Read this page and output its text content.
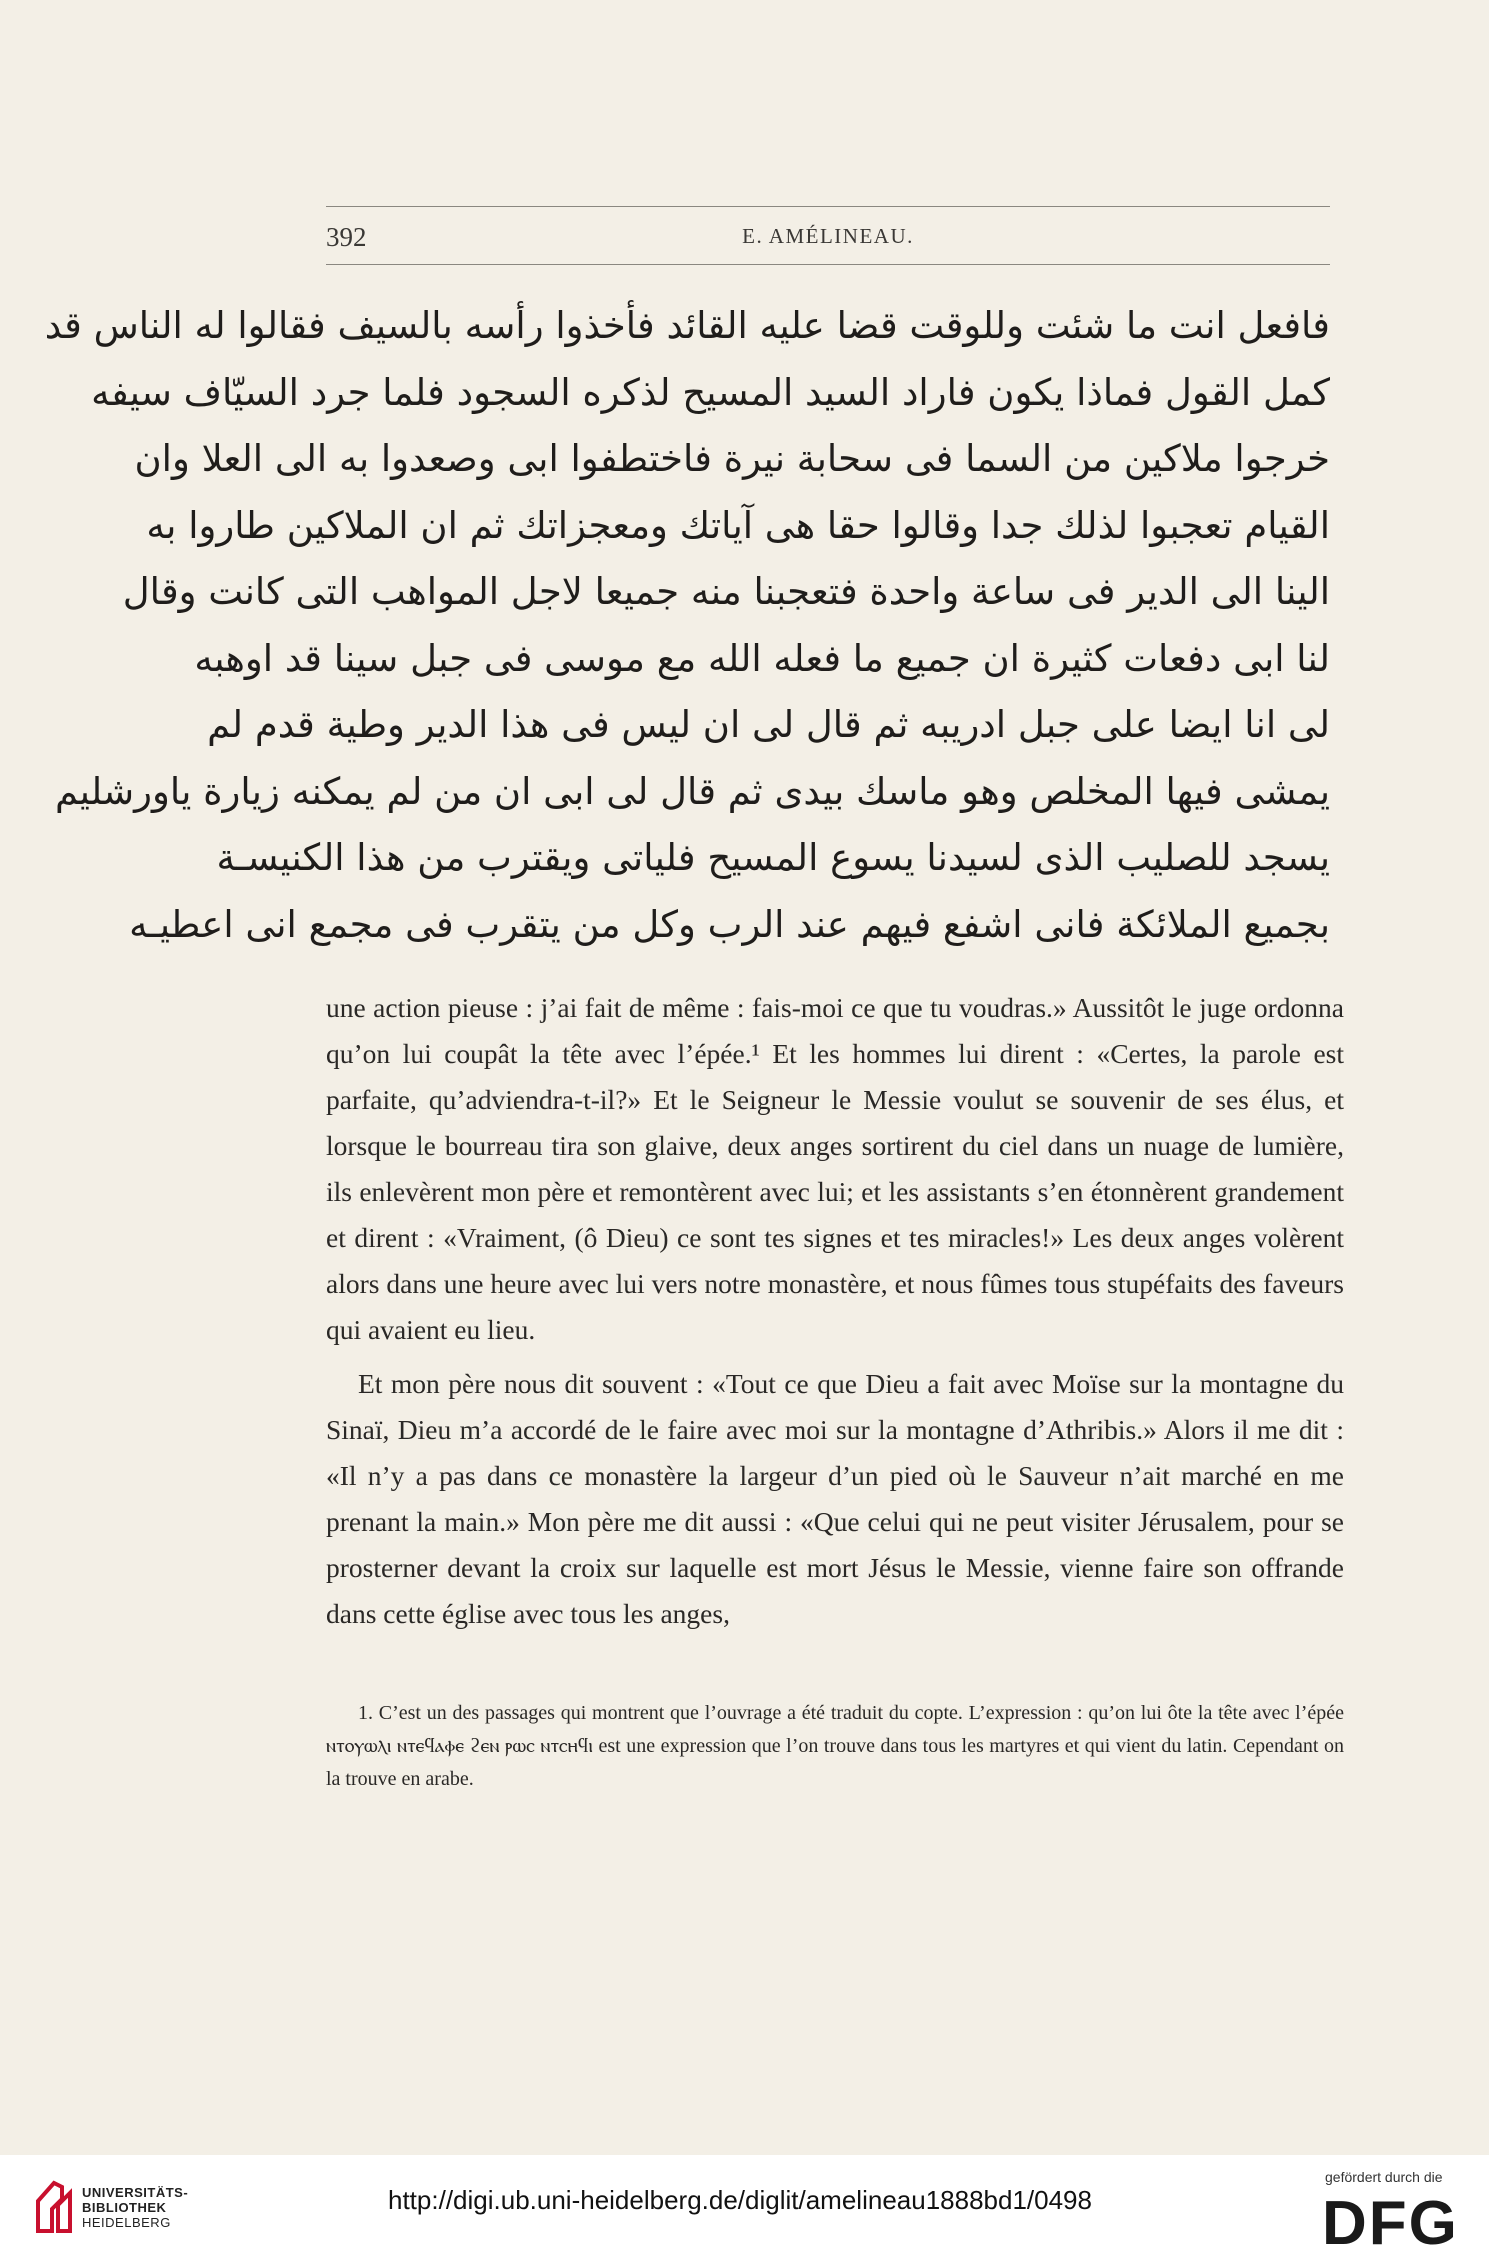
392	E. AMÉLINEAU.
فافعل انت ما شئت وللوقت قضا عليه القائد فأخذوا رأسه بالسيف فقالوا له الناس قد
كمل القول فماذا يكون فاراد السيد المسيح لذكره السجود فلما جرد السيّاف سيفه
خرجوا ملاكين من السما فى سحابة نيرة فاختطفوا ابى وصعدوا به الى العلا وان
القيام تعجبوا لذلك جدا وقالوا حقا هى آياتك ومعجزاتك ثم ان الملاكين طاروا به
الينا الى الدير فى ساعة واحدة فتعجبنا منه جميعا لاجل المواهب التى كانت وقال
لنا ابى دفعات كثيرة ان جميع ما فعله الله مع موسى فى جبل سينا قد اوهبه
لى انا ايضا على جبل ادريبه ثم قال لى ان ليس فى هذا الدير وطية قدم لم
يمشى فيها المخلص وهو ماسك بيدى ثم قال لى ابى ان من لم يمكنه زيارة ياورشليم
يسجد للصليب الذى لسيدنا يسوع المسيح فلياتى ويقترب من هذا الكنيسـة
بجميع الملائكة فانى اشفع فيهم عند الرب وكل من يتقرب فى مجمع انى اعطيـه

une action pieuse : j’ai fait de même : fais-moi ce que tu voudras.» Aussitôt le juge ordonna qu’on lui coupât la tête avec l’épée.¹ Et les hommes lui dirent : «Certes, la parole est parfaite, qu’adviendra-t-il?» Et le Seigneur le Messie voulut se souvenir de ses élus, et lorsque le bourreau tira son glaive, deux anges sortirent du ciel dans un nuage de lumière, ils enlevèrent mon père et remontèrent avec lui; et les assistants s’en étonnèrent grandement et dirent : «Vraiment, (ô Dieu) ce sont tes signes et tes miracles!» Les deux anges volèrent alors dans une heure avec lui vers notre monastère, et nous fûmes tous stupéfaits des faveurs qui avaient eu lieu.

Et mon père nous dit souvent : «Tout ce que Dieu a fait avec Moïse sur la montagne du Sinaï, Dieu m’a accordé de le faire avec moi sur la montagne d’Athribis.» Alors il me dit : «Il n’y a pas dans ce monastère la largeur d’un pied où le Sauveur n’ait marché en me prenant la main.» Mon père me dit aussi : «Que celui qui ne peut visiter Jérusalem, pour se prosterner devant la croix sur laquelle est mort Jésus le Messie, vienne faire son offrande dans cette église avec tous les anges,

1. C’est un des passages qui montrent que l’ouvrage a été traduit du copte. L’expression : qu’on lui ôte la tête avec l’épée ⲛⲧⲟⲩⲱⲗⲓ ⲛⲧⲉϥⲁⲫⲉ ϩⲉⲛ ⲣⲱⲥ ⲛⲧⲥⲏϥⲓ est une expression que l’on trouve dans tous les martyres et qui vient du latin. Cependant on la trouve en arabe.

UNIVERSITÄTS-
BIBLIOTHEK
HEIDELBERG
http://digi.ub.uni-heidelberg.de/diglit/amelineau1888bd1/0498
gefördert durch die
DFG
